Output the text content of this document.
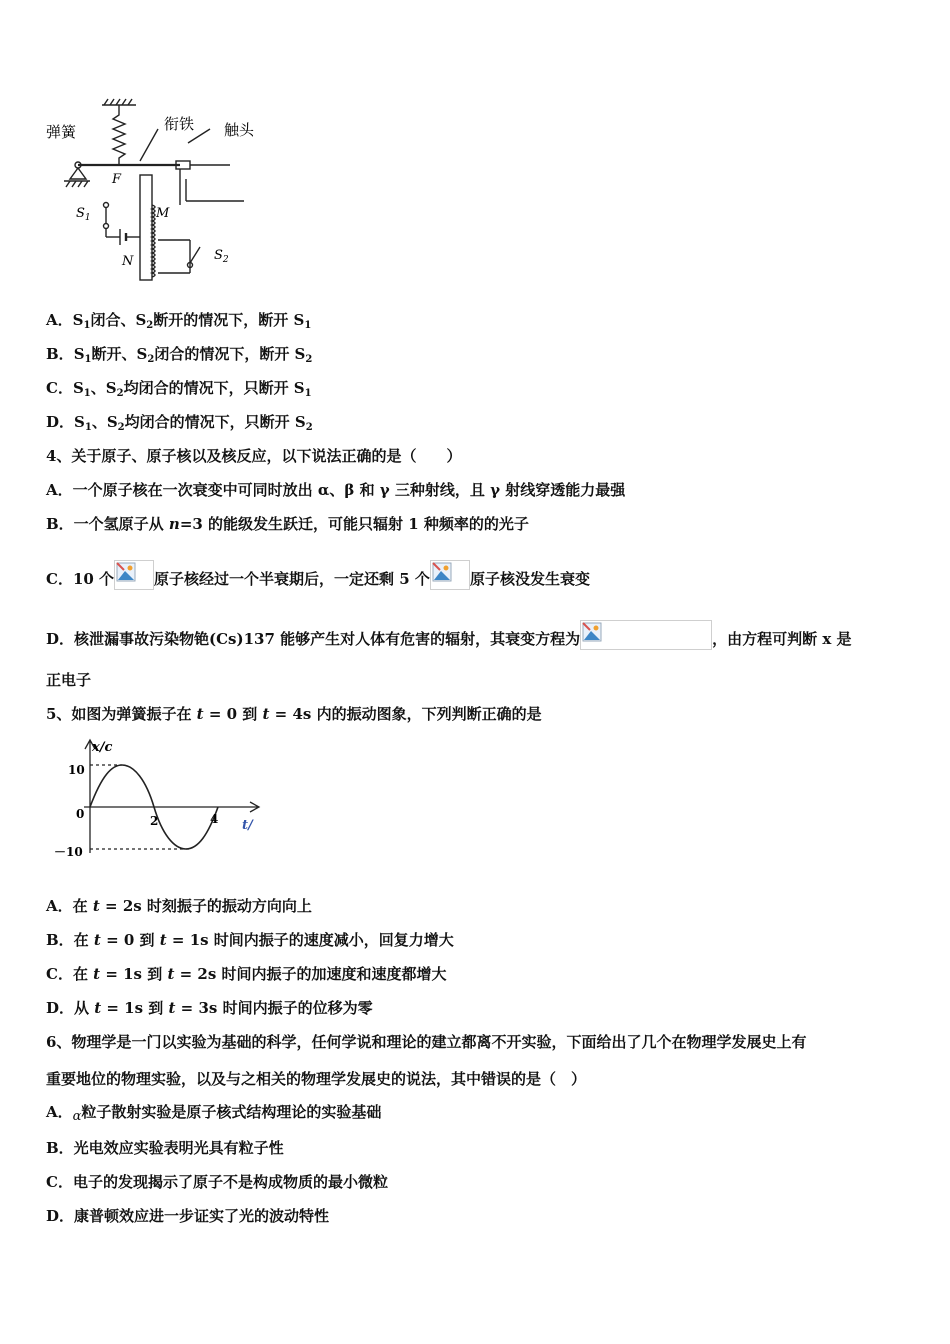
弹簧	衔铁 触头
F
$S_1$	M
N	$S_2$
A．$S_1$闭合、$S_2$断开的情况下，断开 $S_1$
B．$S_1$断开、$S_2$闭合的情况下，断开 $S_2$
C．$S_1$、$S_2$均闭合的情况下，只断开 $S_1$
D．$S_1$、$S_2$均闭合的情况下，只断开 $S_2$
4、关于原子、原子核以及核反应，以下说法正确的是（　　）
A．一个原子核在一次衰变中可同时放出 α、β 和 γ 三种射线，且 γ 射线穿透能力最强
B．一个氢原子从 n=3 的能级发生跃迁，可能只辐射 1 种频率的的光子
C．10 个	原子核经过一个半衰期后，一定还剩 5 个	原子核没发生衰变
D．核泄漏事故污染物铯(Cs)137 能够产生对人体有危害的辐射，其衰变方程为	，由方程可判断 x 是
正电子
5、如图为弹簧振子在 t = 0 到 t = 4s 内的振动图象，下列判断正确的是
x/c
t/
10
0
－10
2	4
A．在 t = 2s 时刻振子的振动方向向上
B．在 t = 0 到 t = 1s 时间内振子的速度减小，回复力增大
C．在 t = 1s 到 t = 2s 时间内振子的加速度和速度都增大
D．从 t = 1s 到 t = 3s 时间内振子的位移为零
6、物理学是一门以实验为基础的科学，任何学说和理论的建立都离不开实验，下面给出了几个在物理学发展史上有
重要地位的物理实验，以及与之相关的物理学发展史的说法，其中错误的是（　）
A．α粒子散射实验是原子核式结构理论的实验基础
B．光电效应实验表明光具有粒子性
C．电子的发现揭示了原子不是构成物质的最小微粒
D．康普顿效应进一步证实了光的波动特性
